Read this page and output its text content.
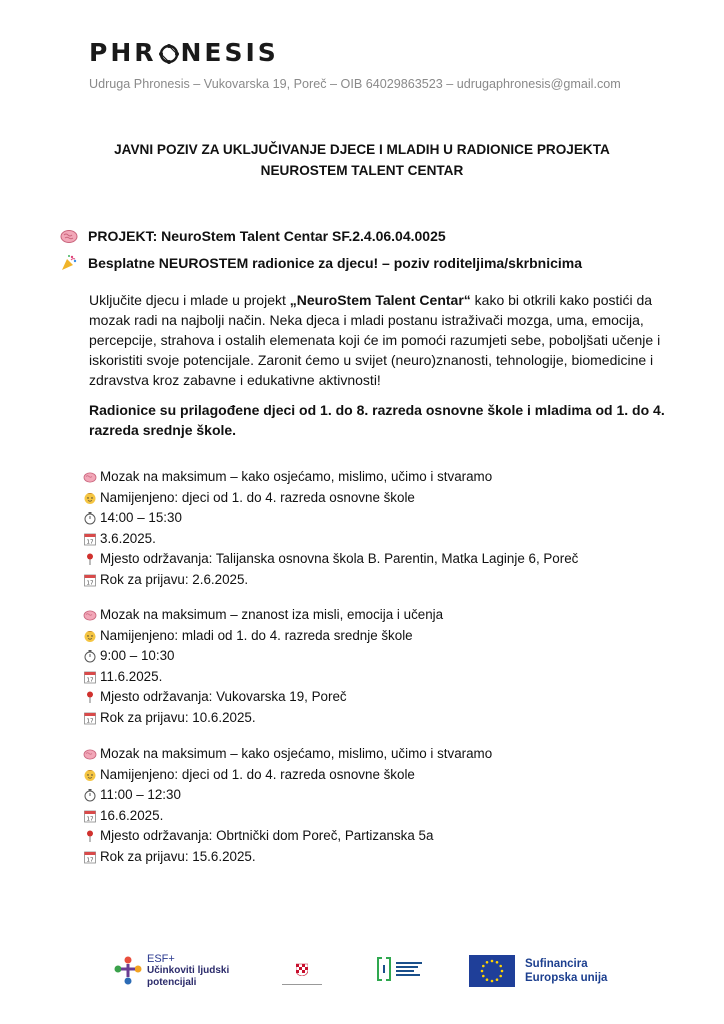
PHR NESIS
Udruga Phronesis – Vukovarska 19, Poreč – OIB 64029863523 – udrugaphronesis@gmail.com
JAVNI POZIV ZA UKLJUČIVANJE DJECE I MLADIH U RADIONICE PROJEKTA
NEUROSTEM TALENT CENTAR
PROJEKT: NeuroStem Talent Centar SF.2.4.06.04.0025
Besplatne NEUROSTEM radionice za djecu! – poziv roditeljima/skrbnicima
Uključite djecu i mlade u projekt „NeuroStem Talent Centar“ kako bi otkrili kako postići da mozak radi na najbolji način. Neka djeca i mladi postanu istraživači mozga, uma, emocija, percepcije, strahova i ostalih elemenata koji će im pomoći razumjeti sebe, poboljšati učenje i iskoristiti svoje potencijale. Zaronit ćemo u svijet (neuro)znanosti, tehnologije, biomedicine i zdravstva kroz zabavne i edukativne aktivnosti!
Radionice su prilagođene djeci od 1. do 8. razreda osnovne škole i mladima od 1. do 4. razreda srednje škole.
Mozak na maksimum – kako osjećamo, mislimo, učimo i stvaramo
Namijenjeno: djeci od 1. do 4. razreda osnovne škole
14:00 – 15:30
17 3.6.2025.
Mjesto održavanja: Talijanska osnovna škola B. Parentin, Matka Laginje 6, Poreč
17 Rok za prijavu: 2.6.2025.
Mozak na maksimum – znanost iza misli, emocija i učenja
Namijenjeno: mladi od 1. do 4. razreda srednje škole
9:00 – 10:30
17 11.6.2025.
Mjesto održavanja: Vukovarska 19, Poreč
17 Rok za prijavu: 10.6.2025.
Mozak na maksimum – kako osjećamo, mislimo, učimo i stvaramo
Namijenjeno: djeci od 1. do 4. razreda osnovne škole
11:00 – 12:30
17 16.6.2025.
Mjesto održavanja: Obrtnički dom Poreč, Partizanska 5a
17 Rok za prijavu: 15.6.2025.
ESF+
Učinkoviti ljudski
potencijali
Sufinancira
Europska unija
